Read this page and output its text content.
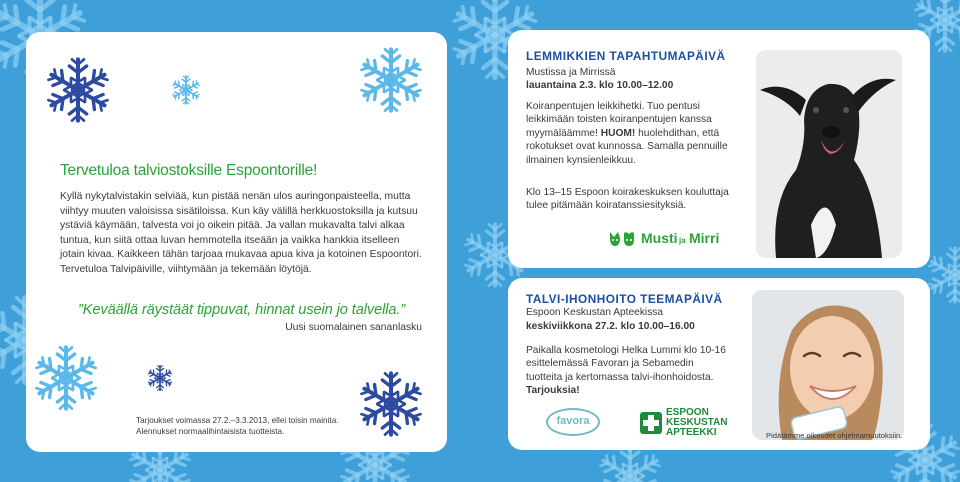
Tervetuloa talviostoksille Espoontorille!
Kyllä nykytalvistakin selviää, kun pistää nenän ulos auringonpaisteella, mutta
viihtyy muuten valoisissa sisätiloissa. Kun käy välillä herkkuostoksilla ja kutsuu
ystäviä käymään, talvesta voi jo oikein pitää. Ja vallan mukavalta talvi alkaa
tuntua, kun siitä ottaa luvan hemmotella itseään ja vaikka hankkia itselleen
jotain kivaa. Kaikkeen tähän tarjoaa mukavaa apua kiva ja kotoinen Espoontori.
Tervetuloa Talvipäiville, viihtymään ja tekemään löytöjä.
”Keväällä räystäät tippuvat, hinnat usein jo talvella.”
Uusi suomalainen sananlasku
Tarjoukset voimassa 27.2.–3.3.2013, ellei toisin mainita.
Alennukset normaalihintaisista tuotteista.
LEMMIKKIEN TAPAHTUMAPÄIVÄ
Mustissa ja Mirrissä
lauantaina 2.3. klo 10.00–12.00
Koiranpentujen leikkihetki. Tuo pentusi leikkimään toisten koiranpentujen kanssa myymäläämme! HUOM! huolehdithan, että rokotukset ovat kunnossa. Samalla pennuille ilmainen kynsienleikkuu.
Klo 13–15 Espoon koirakeskuksen kouluttaja tulee pitämään koiratanssiesityksiä.
Musti ja Mirri
TALVI-IHONHOITO TEEMAPÄIVÄ
Espoon Keskustan Apteekissa
keskiviikkona 27.2. klo 10.00–16.00
Paikalla kosmetologi Helka Lummi klo 10-16 esittelemässä Favoran ja Sebamedin tuotteita ja kertomassa talvi-ihonhoidosta. Tarjouksia!
favora
ESPOON
KESKUSTAN
APTEEKKI	Pidätämme oikeudet ohjelmamuutoksiin.
